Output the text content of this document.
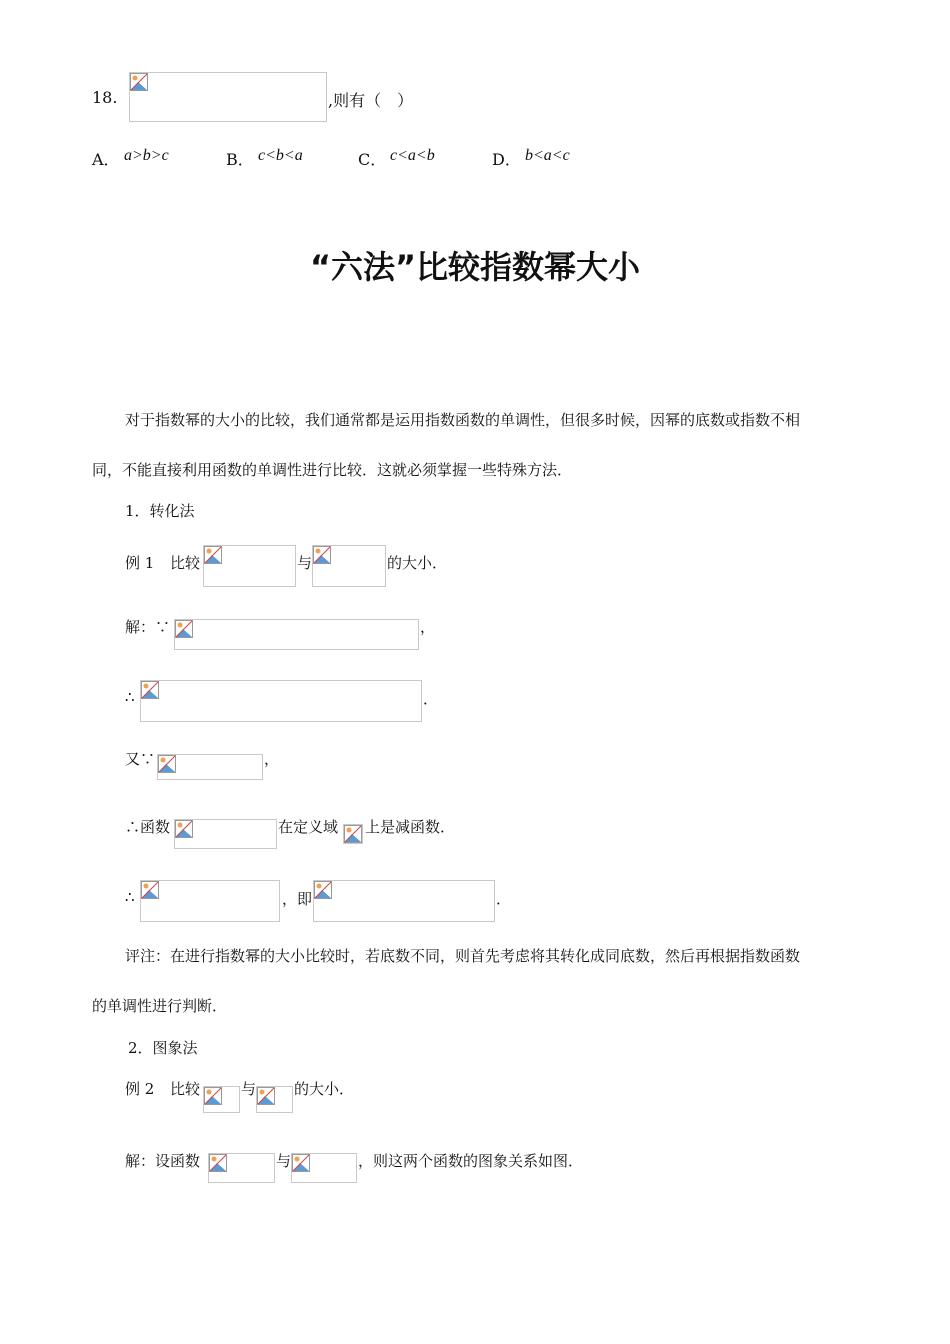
18.	,则有（　）
A． a>b>c	B． c<b<a	C． c<a<b	D． b<a<c
“六法”比较指数幂大小
对于指数幂的大小的比较，我们通常都是运用指数函数的单调性，但很多时候，因幂的底数或指数不相
同，不能直接利用函数的单调性进行比较．这就必须掌握一些特殊方法．
1．转化法
例 1 比较	与	的大小．
解：∵	，
∴	．
又∵	，
∴函数	在定义域 上是减函数．
∴	，即	．
评注：在进行指数幂的大小比较时，若底数不同，则首先考虑将其转化成同底数，然后再根据指数函数
的单调性进行判断．
2．图象法
例 2 比较	与	的大小．
解：设函数	与	，则这两个函数的图象关系如图．
